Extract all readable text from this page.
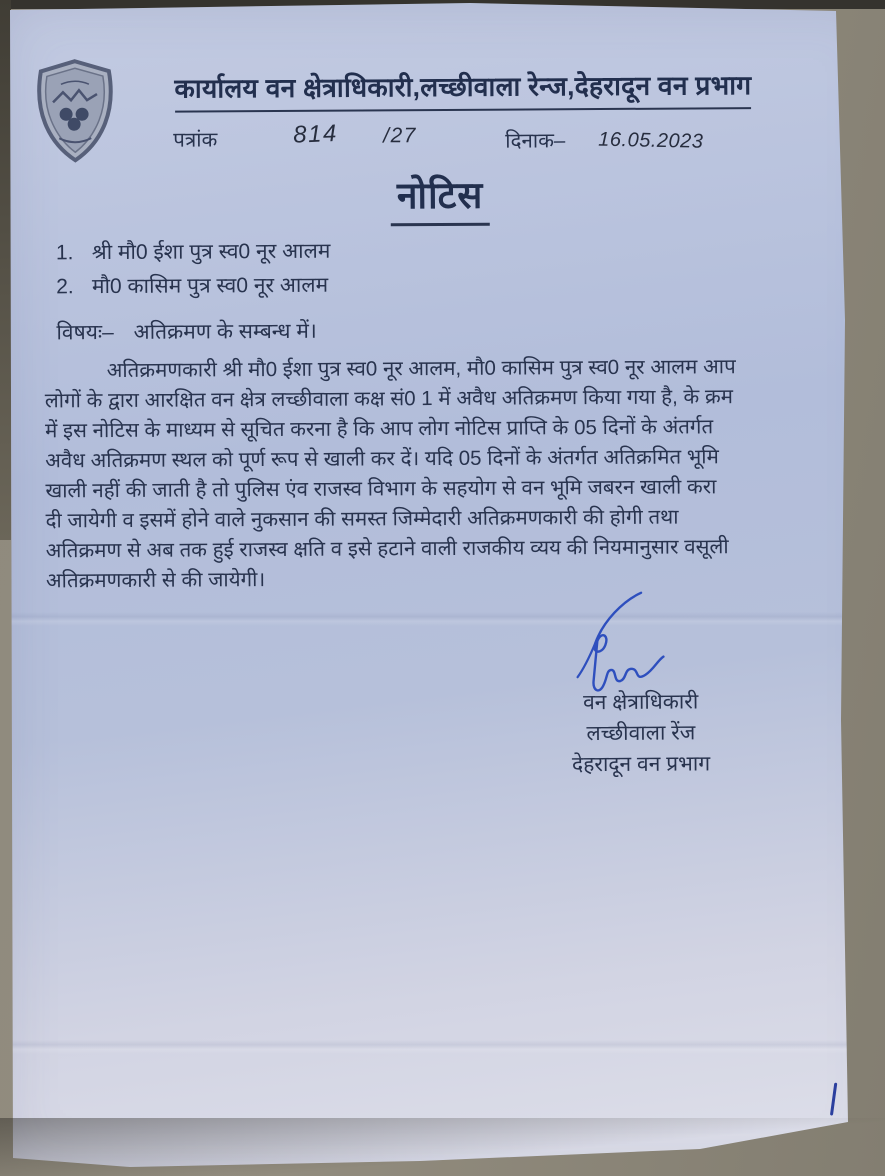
कार्यालय वन क्षेत्राधिकारी,लच्छीवाला रेन्ज,देहरादून वन प्रभाग
पत्रांक	814 /27	दिनाक– 16.05.2023
नोटिस
1. श्री मौ0 ईशा पुत्र स्व0 नूर आलम
2. मौ0 कासिम पुत्र स्व0 नूर आलम
विषयः– अतिक्रमण के सम्बन्ध में।
अतिक्रमणकारी श्री मौ0 ईशा पुत्र स्व0 नूर आलम, मौ0 कासिम पुत्र स्व0 नूर आलम आप
लोगों के द्वारा आरक्षित वन क्षेत्र लच्छीवाला कक्ष सं0 1 में अवैध अतिक्रमण किया गया है, के क्रम
में इस नोटिस के माध्यम से सूचित करना है कि आप लोग नोटिस प्राप्ति के 05 दिनों के अंतर्गत
अवैध अतिक्रमण स्थल को पूर्ण रूप से खाली कर दें। यदि 05 दिनों के अंतर्गत अतिक्रमित भूमि
खाली नहीं की जाती है तो पुलिस एंव राजस्व विभाग के सहयोग से वन भूमि जबरन खाली करा
दी जायेगी व इसमें होने वाले नुकसान की समस्त जिम्मेदारी अतिक्रमणकारी की होगी तथा
अतिक्रमण से अब तक हुई राजस्व क्षति व इसे हटाने वाली राजकीय व्यय की नियमानुसार वसूली
अतिक्रमणकारी से की जायेगी।
वन क्षेत्राधिकारी
लच्छीवाला रेंज
देहरादून वन प्रभाग
